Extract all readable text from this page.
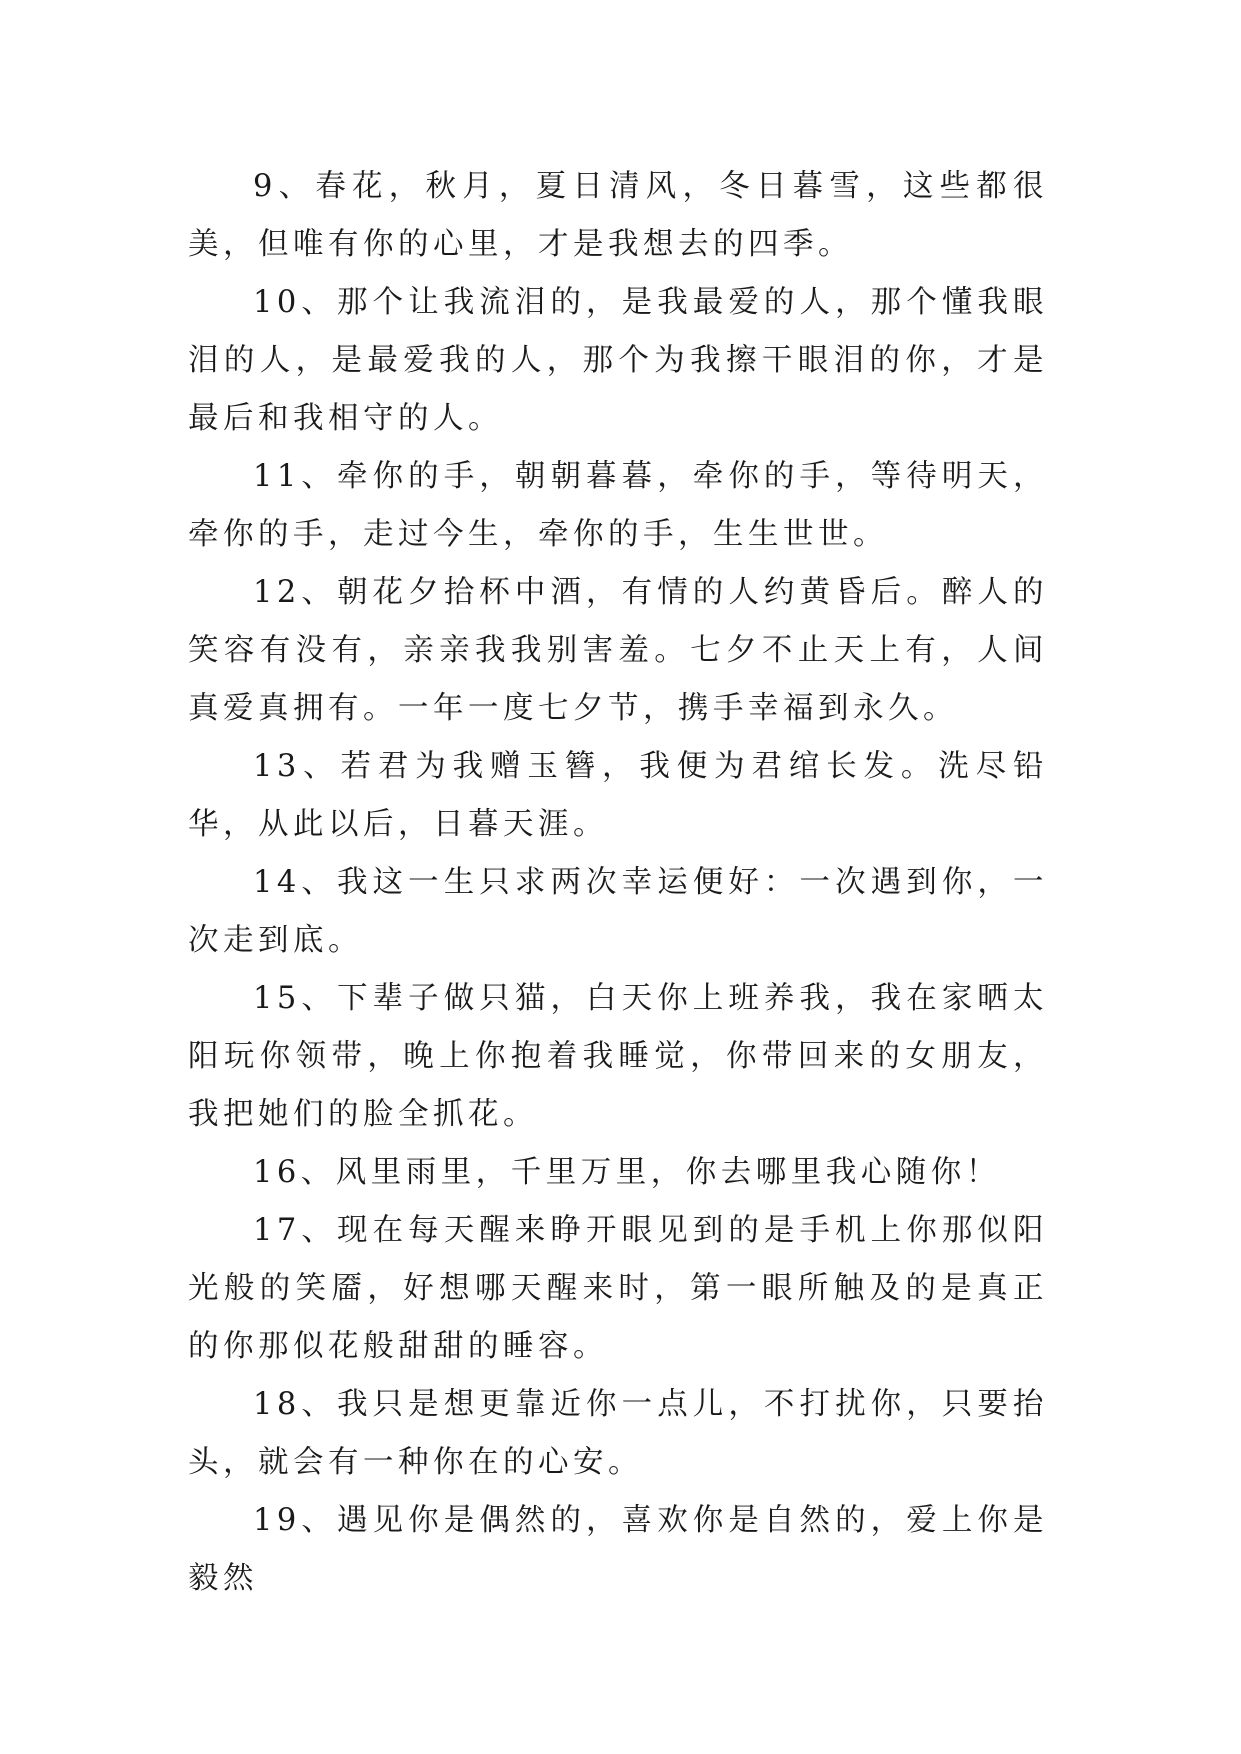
9、春花，秋月，夏日清风，冬日暮雪，这些都很美，但唯有你的心里，才是我想去的四季。

10、那个让我流泪的，是我最爱的人，那个懂我眼泪的人，是最爱我的人，那个为我擦干眼泪的你，才是最后和我相守的人。

11、牵你的手，朝朝暮暮，牵你的手，等待明天，牵你的手，走过今生，牵你的手，生生世世。

12、朝花夕拾杯中酒，有情的人约黄昏后。醉人的笑容有没有，亲亲我我别害羞。七夕不止天上有，人间真爱真拥有。一年一度七夕节，携手幸福到永久。

13、若君为我赠玉簪，我便为君绾长发。洗尽铅华，从此以后，日暮天涯。

14、我这一生只求两次幸运便好：一次遇到你，一次走到底。

15、下辈子做只猫，白天你上班养我，我在家晒太阳玩你领带，晚上你抱着我睡觉，你带回来的女朋友，我把她们的脸全抓花。

16、风里雨里，千里万里，你去哪里我心随你！

17、现在每天醒来睁开眼见到的是手机上你那似阳光般的笑靥，好想哪天醒来时，第一眼所触及的是真正的你那似花般甜甜的睡容。

18、我只是想更靠近你一点儿，不打扰你，只要抬头，就会有一种你在的心安。

19、遇见你是偶然的，喜欢你是自然的，爱上你是毅然
